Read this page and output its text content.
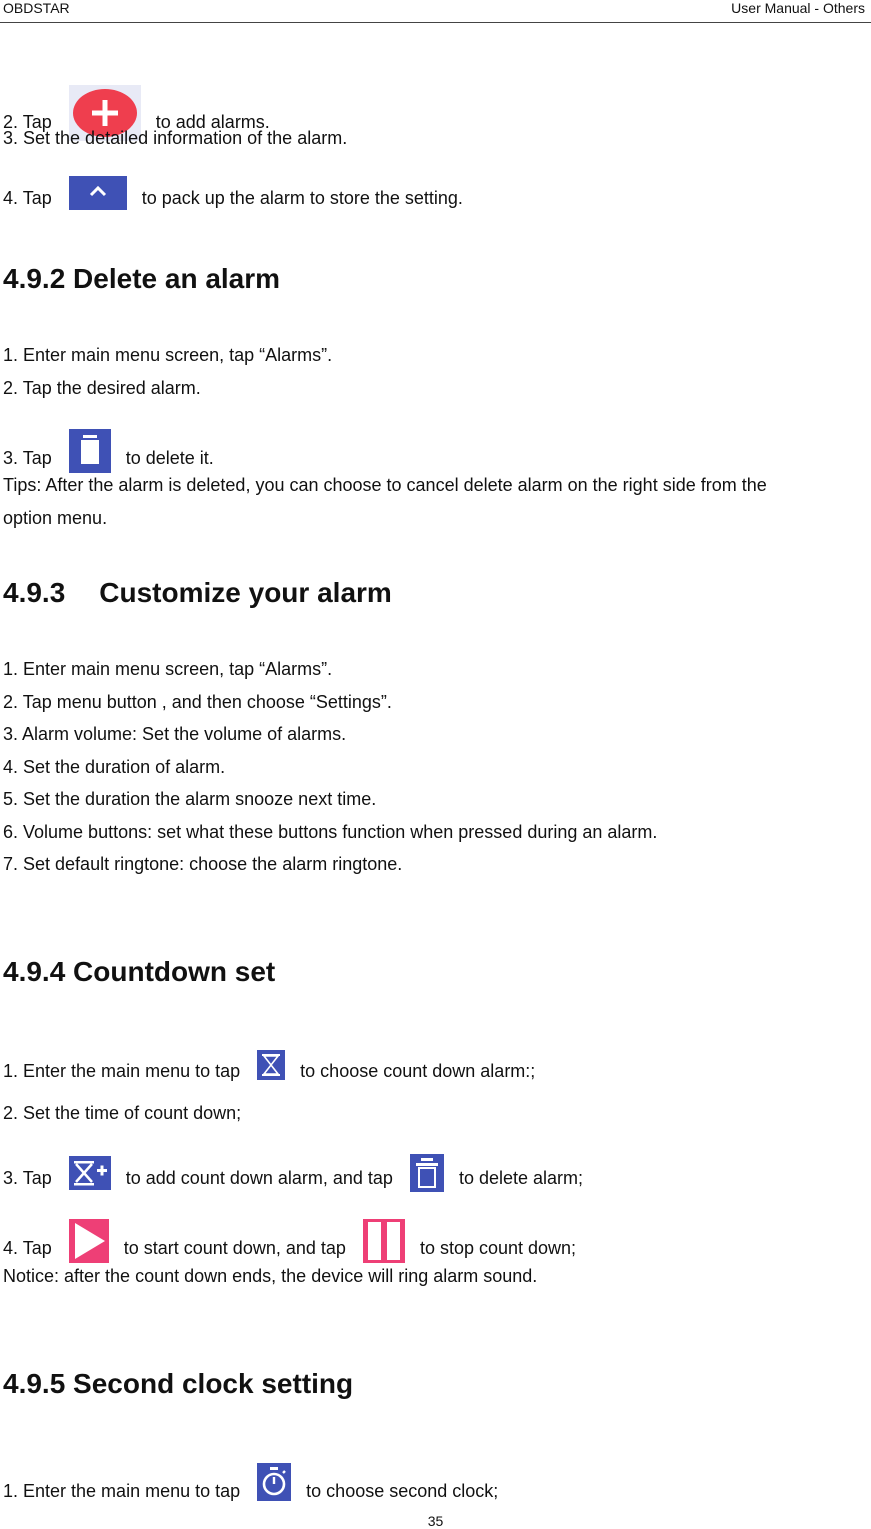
OBDSTAR	User Manual - Others
2. Tap	to add alarms.
3. Set the detailed information of the alarm.
4. Tap	to pack up the alarm to store the setting.
4.9.2 Delete an alarm
1. Enter main menu screen, tap “Alarms”.
2. Tap the desired alarm.
3. Tap	to delete it.
Tips: After the alarm is deleted, you can choose to cancel delete alarm on the right side from the
option menu.
4.9.3 Customize your alarm
1. Enter main menu screen, tap “Alarms”.
2. Tap menu button , and then choose “Settings”.
3. Alarm volume: Set the volume of alarms.
4. Set the duration of alarm.
5. Set the duration the alarm snooze next time.
6. Volume buttons: set what these buttons function when pressed during an alarm.
7. Set default ringtone: choose the alarm ringtone.
4.9.4 Countdown set
1. Enter the main menu to tap	to choose count down alarm:;
2. Set the time of count down;
3. Tap	to add count down alarm, and tap	to delete alarm;
4. Tap	to start count down, and tap	to stop count down;
Notice: after the count down ends, the device will ring alarm sound.
4.9.5 Second clock setting
1. Enter the main menu to tap	to choose second clock;
35
